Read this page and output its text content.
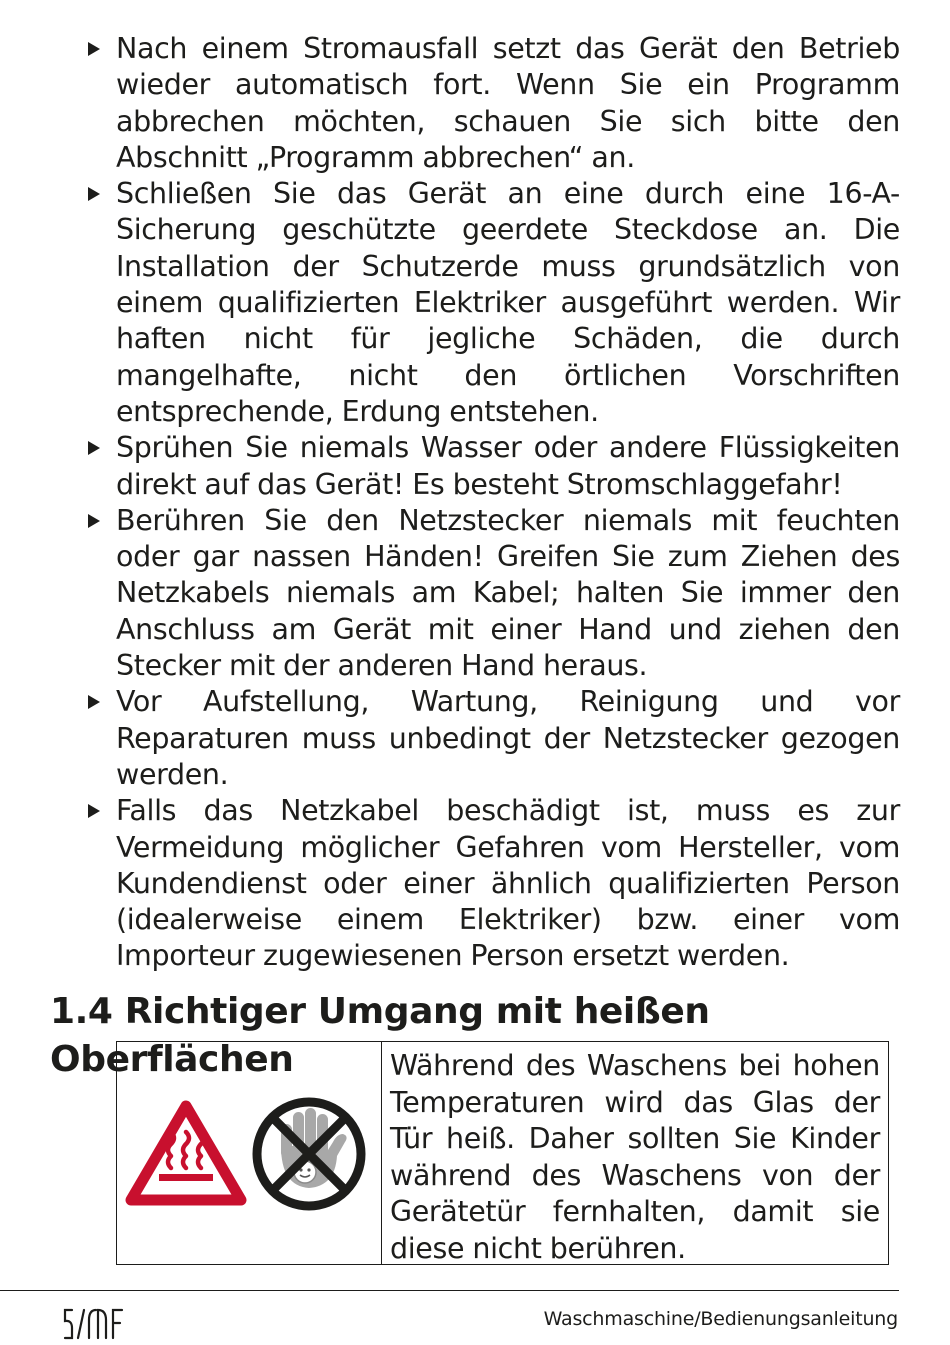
Nach einem Stromausfall setzt das Gerät den Betrieb wieder automatisch fort. Wenn Sie ein Programm abbrechen möchten, schauen Sie sich bitte den Abschnitt „Programm abbrechen“ an.
Schließen Sie das Gerät an eine durch eine 16-A-Sicherung geschützte geerdete Steckdose an. Die Installation der Schutzerde muss grundsätzlich von einem qualifizierten Elektriker ausgeführt werden. Wir haften nicht für jegliche Schäden, die durch mangelhafte, nicht den örtlichen Vorschriften entsprechende, Erdung entstehen.
Sprühen Sie niemals Wasser oder andere Flüssigkeiten direkt auf das Gerät! Es besteht Stromschlaggefahr!
Berühren Sie den Netzstecker niemals mit feuchten oder gar nassen Händen! Greifen Sie zum Ziehen des Netzkabels niemals am Kabel; halten Sie immer den Anschluss am Gerät mit einer Hand und ziehen den Stecker mit der anderen Hand heraus.
Vor Aufstellung, Wartung, Reinigung und vor Reparaturen muss unbedingt der Netzstecker gezogen werden.
Falls das Netzkabel beschädigt ist, muss es zur Vermeidung möglicher Gefahren vom Hersteller, vom Kundendienst oder einer ähnlich qualifizierten Person (idealerweise einem Elektriker) bzw. einer vom Importeur zugewiesenen Person ersetzt werden.
1.4 Richtiger Umgang mit heißen Oberflächen	Während des Waschens bei hohen Temperaturen wird das Glas der Tür heiß. Daher sollten Sie Kinder während des Waschens von der Gerätetür fernhalten, damit sie diese nicht berühren.
Waschmaschine/Bedienungsanleitung
